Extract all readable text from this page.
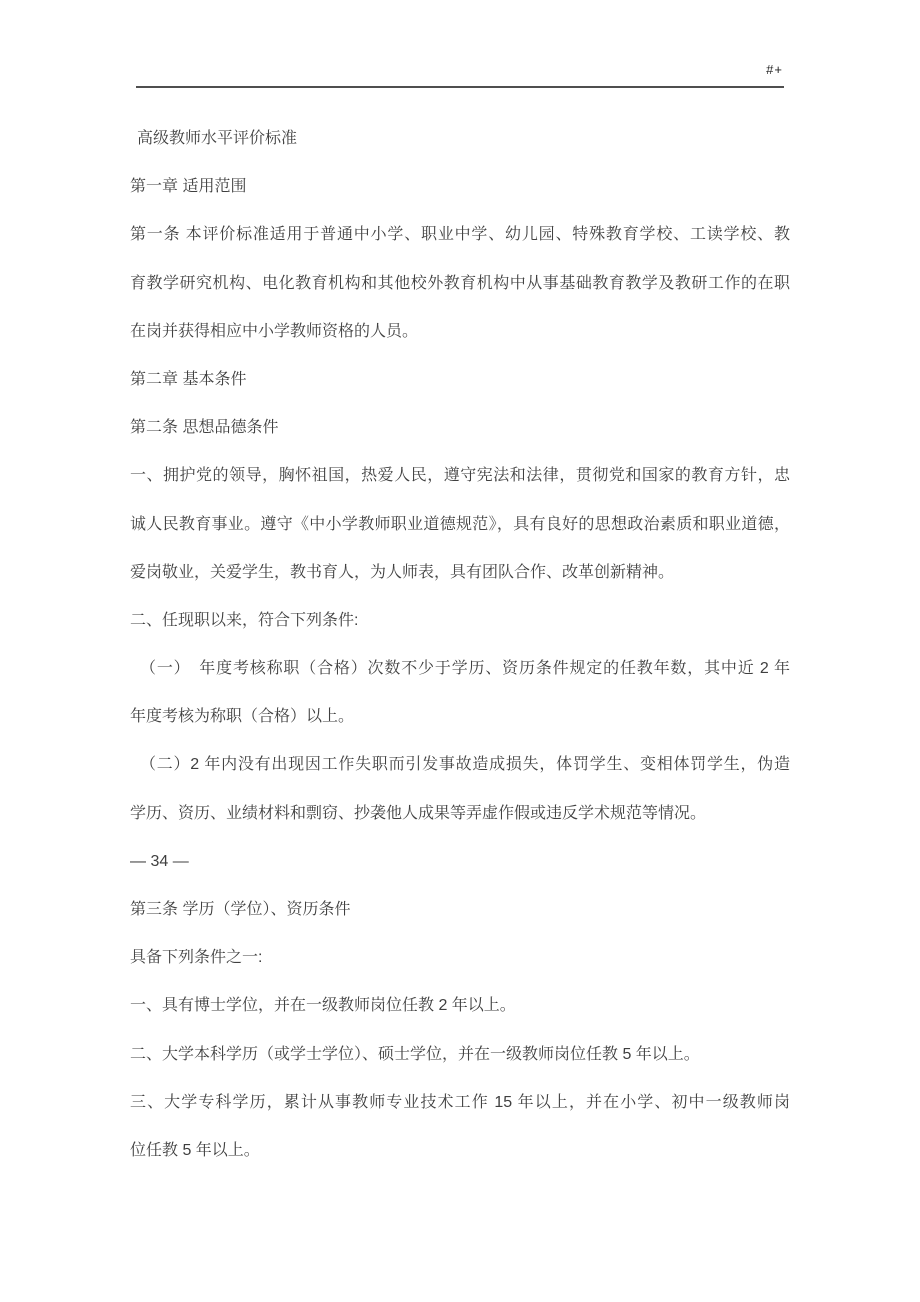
#+
高级教师水平评价标准
第一章 适用范围
第一条 本评价标准适用于普通中小学、职业中学、幼儿园、特殊教育学校、工读学校、教
育教学研究机构、电化教育机构和其他校外教育机构中从事基础教育教学及教研工作的在职
在岗并获得相应中小学教师资格的人员。
第二章 基本条件
第二条 思想品德条件
一、拥护党的领导，胸怀祖国，热爱人民，遵守宪法和法律，贯彻党和国家的教育方针，忠
诚人民教育事业。遵守《中小学教师职业道德规范》，具有良好的思想政治素质和职业道德，
爱岗敬业，关爱学生，教书育人，为人师表，具有团队合作、改革创新精神。
二、任现职以来，符合下列条件:
（一）　年度考核称职（合格）次数不少于学历、资历条件规定的任教年数，其中近 2 年
年度考核为称职（合格）以上。
（二）2 年内没有出现因工作失职而引发事故造成损失，体罚学生、变相体罚学生，伪造
学历、资历、业绩材料和剽窃、抄袭他人成果等弄虚作假或违反学术规范等情况。
— 34 —
第三条 学历（学位）、资历条件
具备下列条件之一:
一、具有博士学位，并在一级教师岗位任教 2 年以上。
二、大学本科学历（或学士学位）、硕士学位，并在一级教师岗位任教 5 年以上。
三、大学专科学历，累计从事教师专业技术工作 15 年以上，并在小学、初中一级教师岗
位任教 5 年以上。
